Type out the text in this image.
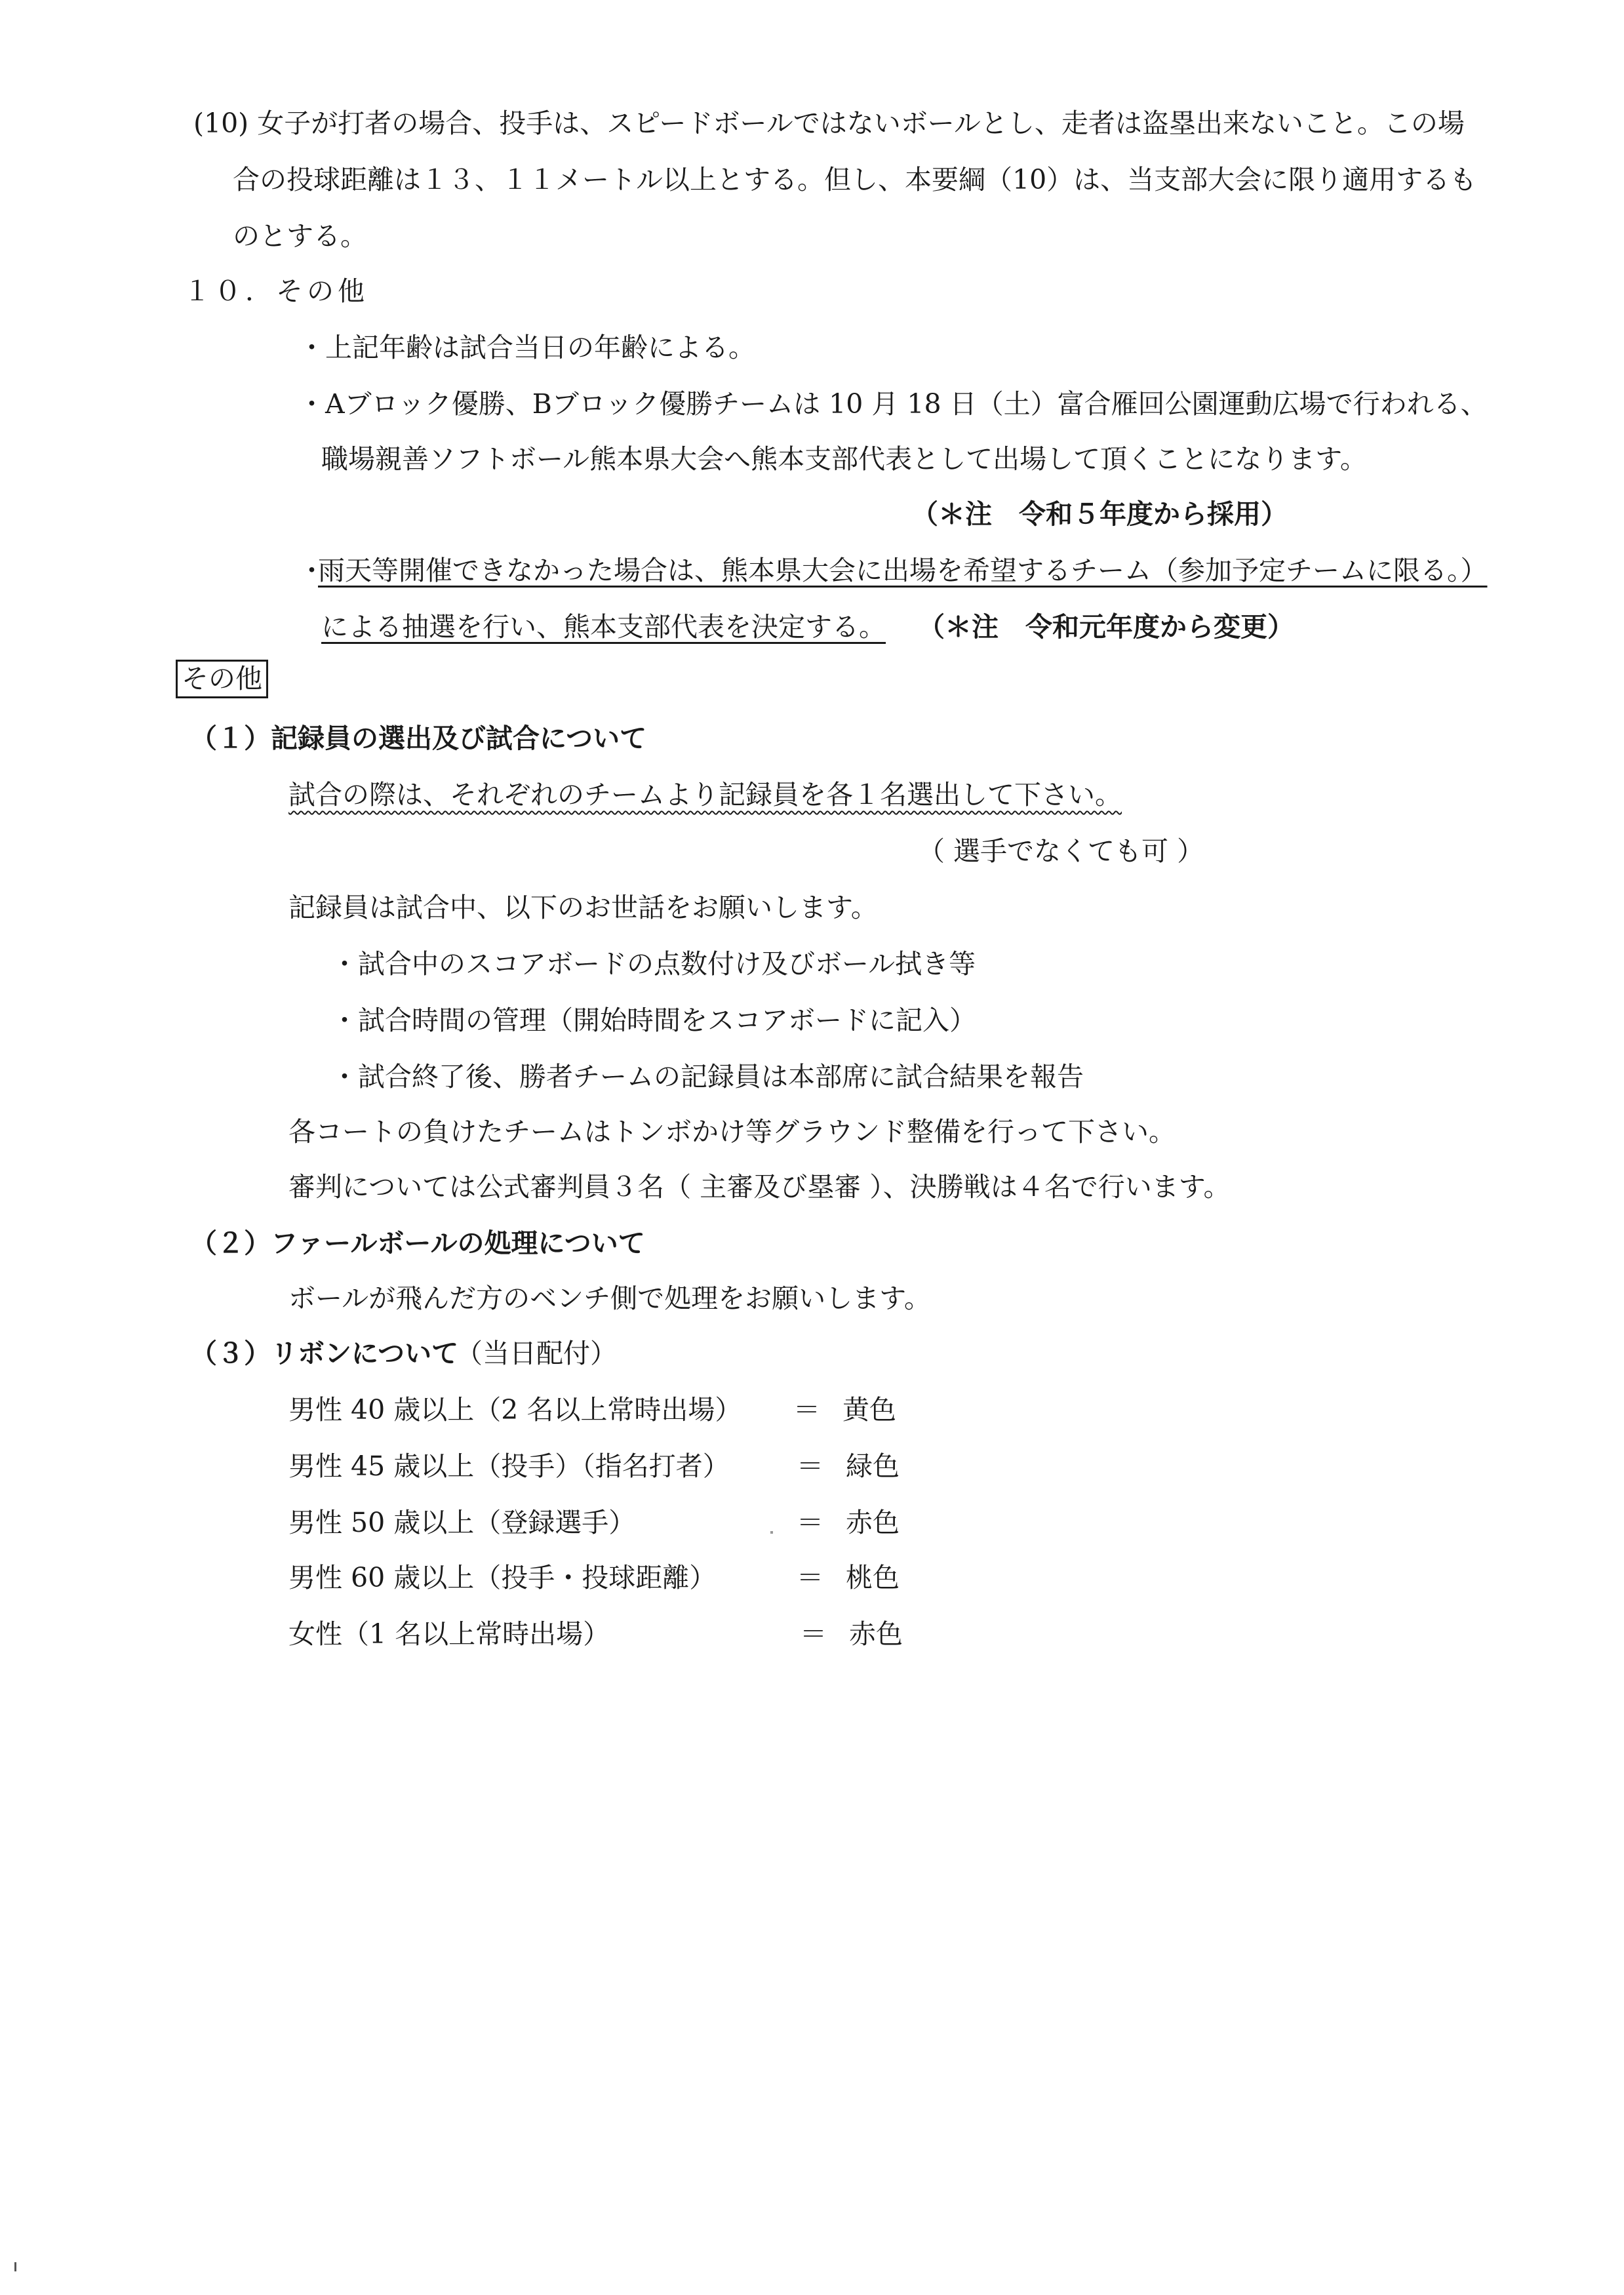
(10) 女子が打者の場合、投手は、スピードボールではないボールとし、走者は盗塁出来ないこと。この場
合の投球距離は１３、１１メートル以上とする。但し、本要綱（10）は、当支部大会に限り適用するも
のとする。
１０．その他
・上記年齢は試合当日の年齢による。
・Aブロック優勝、Bブロック優勝チームは 10 月 18 日（土）富合雁回公園運動広場で行われる、
職場親善ソフトボール熊本県大会へ熊本支部代表として出場して頂くことになります。
（＊注　令和５年度から採用）
・
雨天等開催できなかった場合は、熊本県大会に出場を希望するチーム（参加予定チームに限る。）
による抽選を行い、熊本支部代表を決定する。 （＊注　令和元年度から変更）
その他
（１）記録員の選出及び試合について
試合の際は、それぞれのチームより記録員を各１名選出して下さい。
（ 選手でなくても可 ）
記録員は試合中、以下のお世話をお願いします。
・試合中のスコアボードの点数付け及びボール拭き等
・試合時間の管理（開始時間をスコアボードに記入）
・試合終了後、勝者チームの記録員は本部席に試合結果を報告
各コートの負けたチームはトンボかけ等グラウンド整備を行って下さい。
審判については公式審判員３名（ 主審及び塁審 ）、決勝戦は４名で行います。
（２）ファールボールの処理について
ボールが飛んだ方のベンチ側で処理をお願いします。
（３）リボンについて
（当日配付）
男性 40 歳以上（2 名以上常時出場） ＝ 黄色
男性 45 歳以上（投手）（指名打者） ＝ 緑色
男性 50 歳以上（登録選手）	＝ 赤色
男性 60 歳以上（投手・投球距離）	＝ 桃色
女性（1 名以上常時出場）	＝ 赤色
